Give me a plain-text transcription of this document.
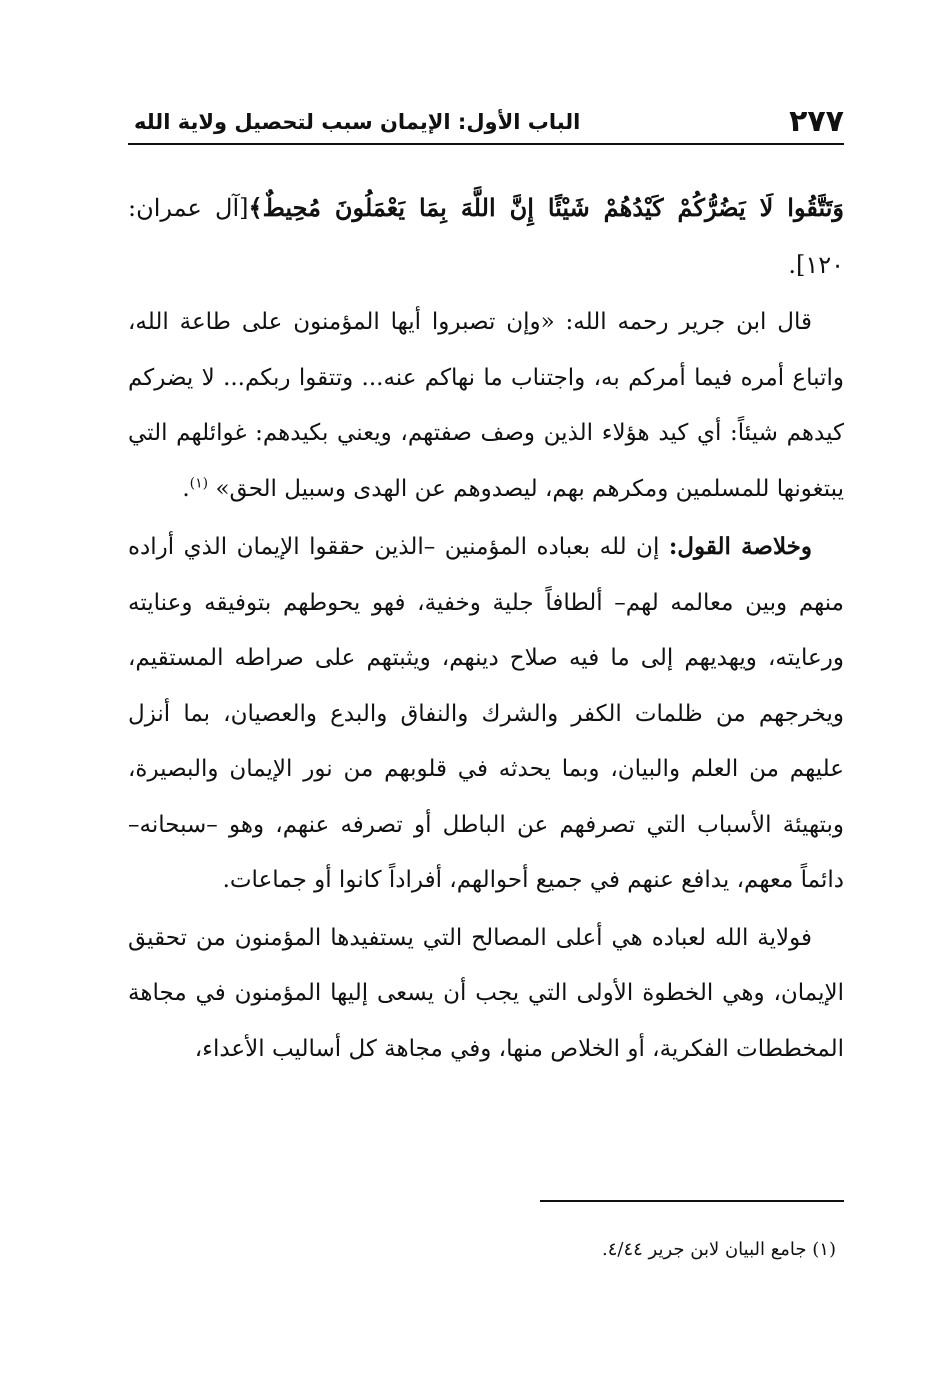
٢٧٧
الباب الأول: الإيمان سبب لتحصيل ولاية الله

وَتَتَّقُوا لَا يَضُرُّكُمْ كَيْدُهُمْ شَيْئًا إِنَّ اللَّهَ بِمَا يَعْمَلُونَ مُحِيطٌ﴾[آل عمران: ١٢٠].

قال ابن جرير رحمه الله: «وإن تصبروا أيها المؤمنون على طاعة الله، واتباع أمره فيما أمركم به، واجتناب ما نهاكم عنه... وتتقوا ربكم... لا يضركم كيدهم شيئاً: أي كيد هؤلاء الذين وصف صفتهم، ويعني بكيدهم: غوائلهم التي يبتغونها للمسلمين ومكرهم بهم، ليصدوهم عن الهدى وسبيل الحق» $^{(١)}$.

وخلاصة القول: إن لله بعباده المؤمنين –الذين حققوا الإيمان الذي أراده منهم وبين معالمه لهم– ألطافاً جلية وخفية، فهو يحوطهم بتوفيقه وعنايته ورعايته، ويهديهم إلى ما فيه صلاح دينهم، ويثبتهم على صراطه المستقيم، ويخرجهم من ظلمات الكفر والشرك والنفاق والبدع والعصيان، بما أنزل عليهم من العلم والبيان، وبما يحدثه في قلوبهم من نور الإيمان والبصيرة، وبتهيئة الأسباب التي تصرفهم عن الباطل أو تصرفه عنهم، وهو –سبحانه– دائماً معهم، يدافع عنهم في جميع أحوالهم، أفراداً كانوا أو جماعات.

فولاية الله لعباده هي أعلى المصالح التي يستفيدها المؤمنون من تحقيق الإيمان، وهي الخطوة الأولى التي يجب أن يسعى إليها المؤمنون في مجاهة المخططات الفكرية، أو الخلاص منها، وفي مجاهة كل أساليب الأعداء،

(١) جامع البيان لابن جرير ٤/٤٤.
